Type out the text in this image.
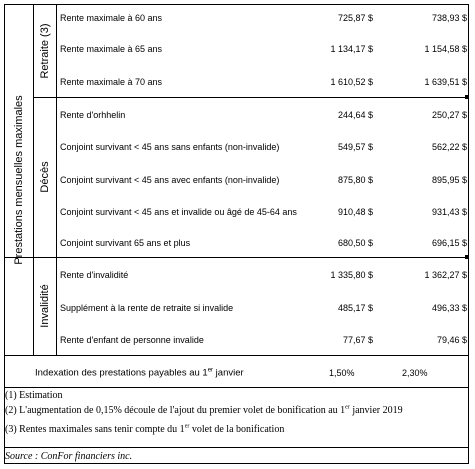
Prestations mensuelles maximales
Retraite (3)
Décès
Invalidité
Rente maximale à 60 ans	725,87 $	738,93 $
Rente maximale à 65 ans	1 134,17 $	1 154,58 $
Rente maximale à 70 ans	1 610,52 $	1 639,51 $
Rente d'orhhelin	244,64 $	250,27 $
Conjoint survivant < 45 ans sans enfants (non-invalide)	549,57 $	562,22 $
Conjoint survivant < 45 ans avec enfants (non-invalide)	875,80 $	895,95 $
Conjoint survivant < 45 ans et invalide ou âgé de 45-64 ans	910,48 $	931,43 $
Conjoint survivant 65 ans et plus	680,50 $	696,15 $
Rente d'invalidité	1 335,80 $	1 362,27 $
Supplément à la rente de retraite si invalide	485,17 $	496,33 $
Rente d'enfant de personne invalide	77,67 $	79,46 $
Indexation des prestations payables au 1er janvier	1,50%	2,30%
(1) Estimation
(2) L'augmentation de 0,15% découle de l'ajout du premier volet de bonification au 1er janvier 2019
(3) Rentes maximales sans tenir compte du 1er volet de la bonification
Source : ConFor financiers inc.
